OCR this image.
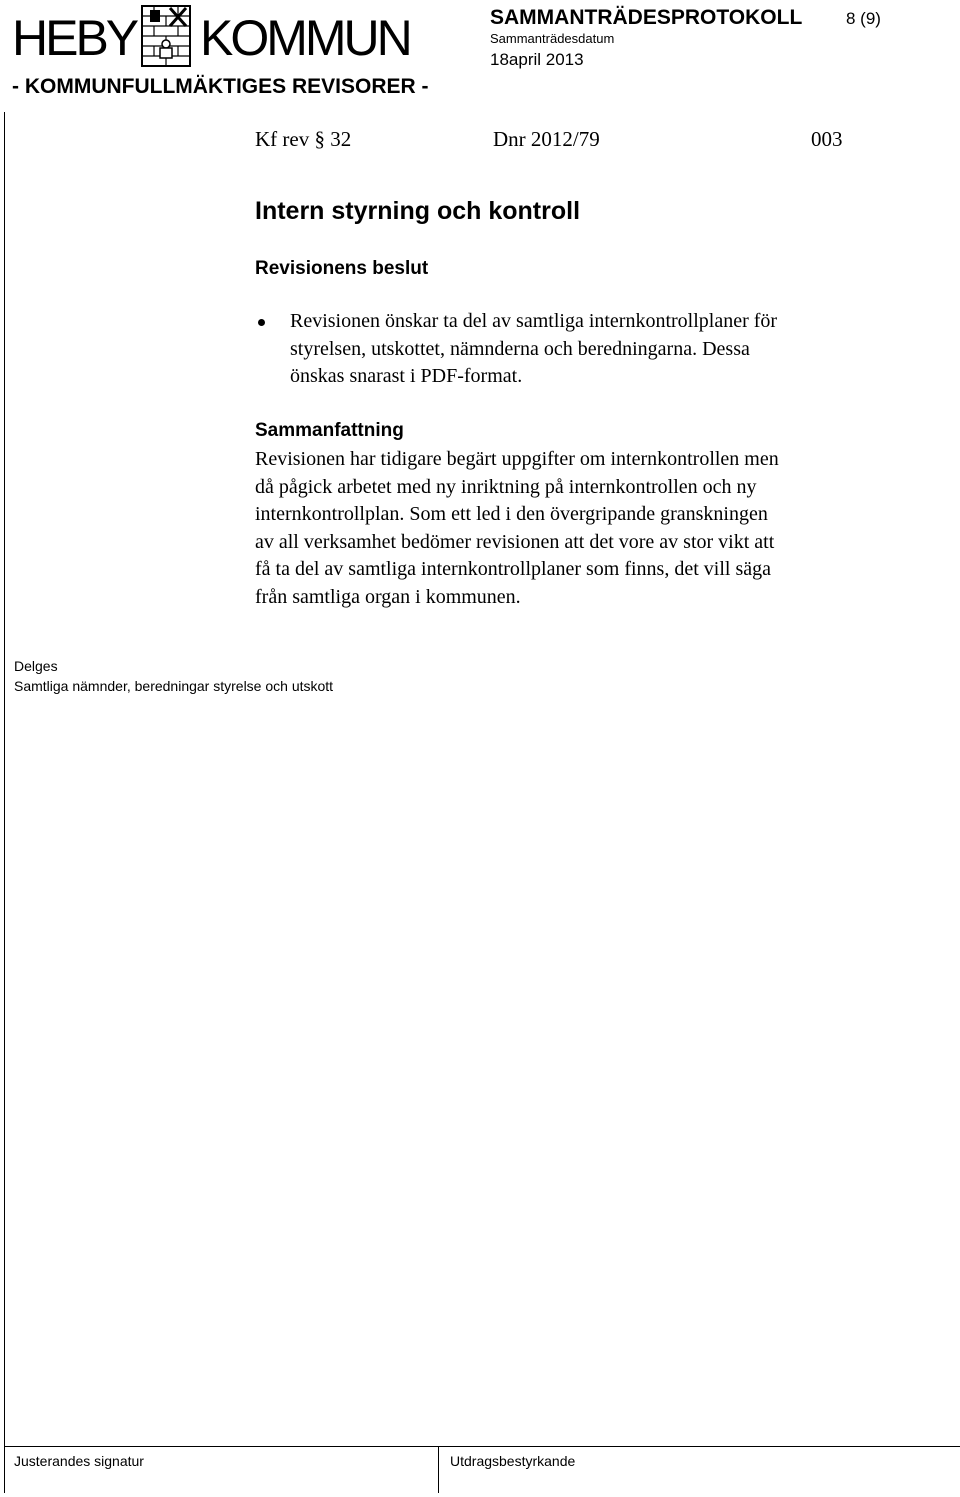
HEBY KOMMUN
- KOMMUNFULLMÄKTIGES REVISORER -
SAMMANTRÄDESPROTOKOLL	8 (9)
Sammanträdesdatum
18april 2013
Kf rev § 32	Dnr 2012/79	003
Intern styrning och kontroll
Revisionens beslut
Revisionen önskar ta del av samtliga internkontrollplaner för
styrelsen, utskottet, nämnderna och beredningarna. Dessa
önskas snarast i PDF-format.
Sammanfattning
Revisionen har tidigare begärt uppgifter om internkontrollen men
då pågick arbetet med ny inriktning på internkontrollen och ny
internkontrollplan. Som ett led i den övergripande granskningen
av all verksamhet bedömer revisionen att det vore av stor vikt att
få ta del av samtliga internkontrollplaner som finns, det vill säga
från samtliga organ i kommunen.
Delges
Samtliga nämnder, beredningar styrelse och utskott
Justerandes signatur	Utdragsbestyrkande
